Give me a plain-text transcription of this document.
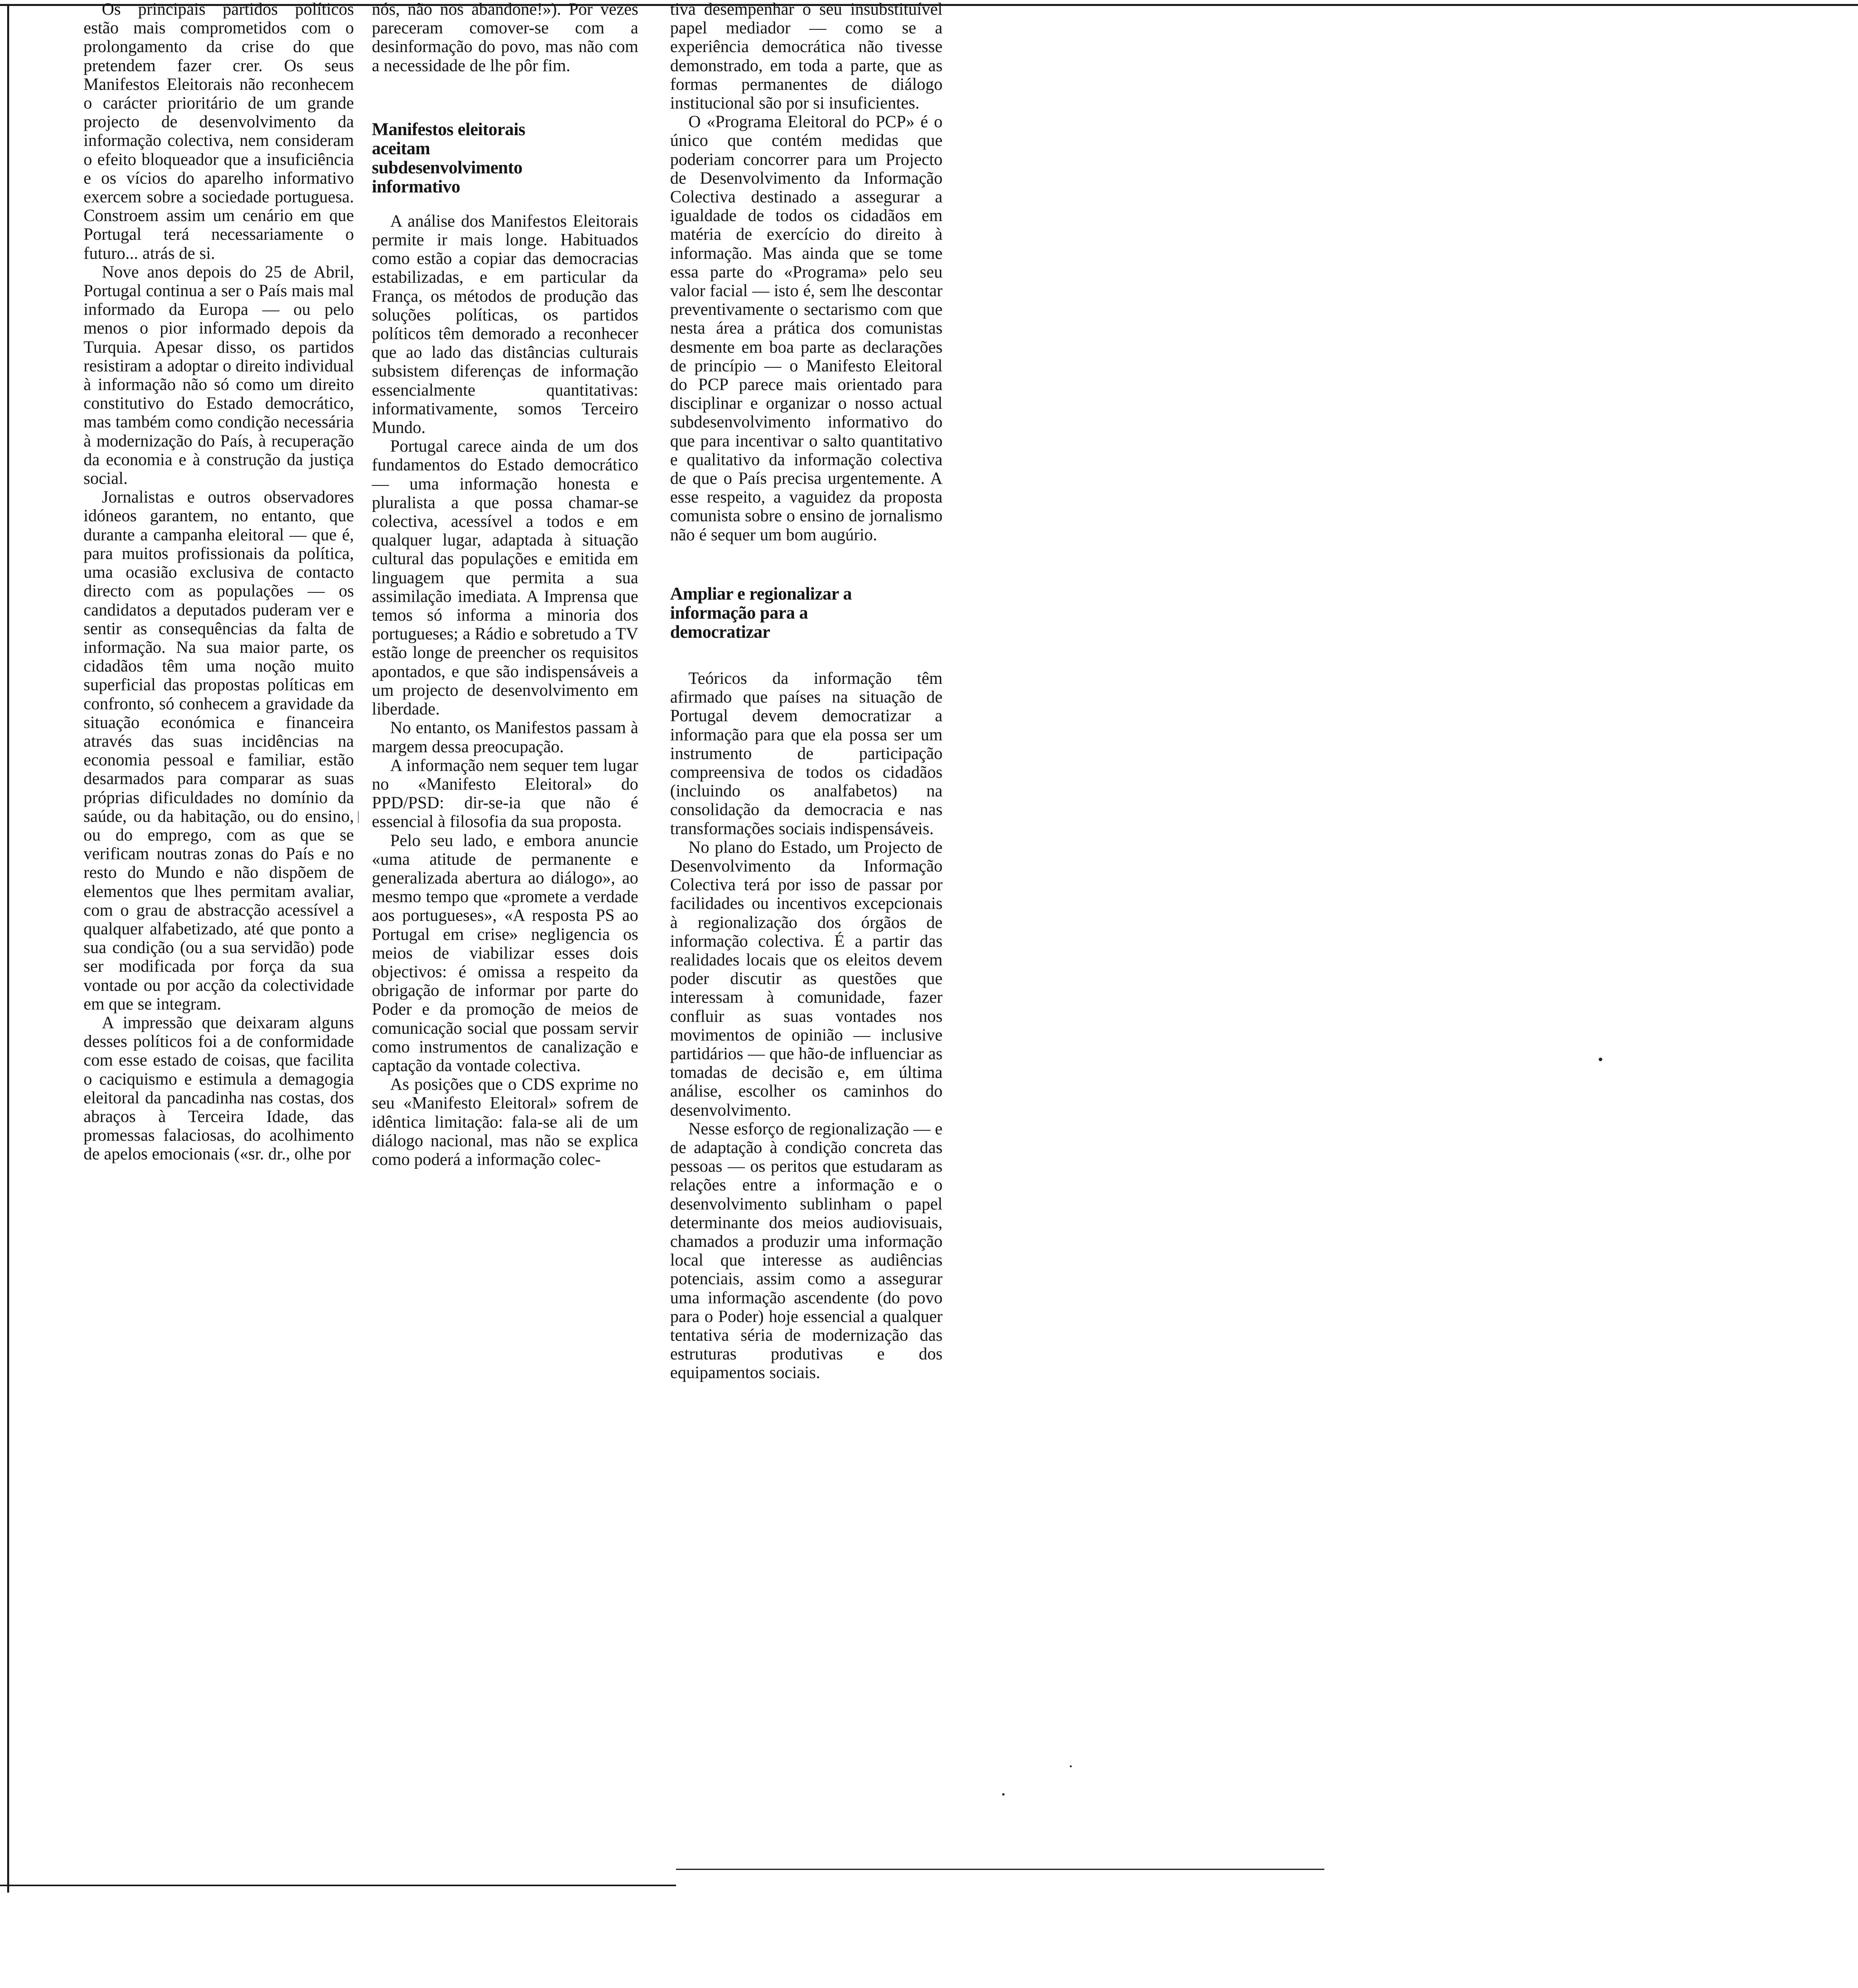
Os principais partidos políticos estão mais comprometidos com o prolongamento da crise do que pretendem fazer crer. Os seus Manifestos Eleitorais não reconhecem o carácter prioritário de um grande projecto de desenvolvimento da informação colectiva, nem consideram o efeito bloqueador que a insuficiência e os vícios do aparelho informativo exercem sobre a sociedade portuguesa. Constroem assim um cenário em que Portugal terá necessariamente o futuro... atrás de si.

Nove anos depois do 25 de Abril, Portugal continua a ser o País mais mal informado da Europa — ou pelo menos o pior informado depois da Turquia. Apesar disso, os partidos resistiram a adoptar o direito individual à informação não só como um direito constitutivo do Estado democrático, mas também como condição necessária à modernização do País, à recuperação da economia e à construção da justiça social.

Jornalistas e outros observadores idóneos garantem, no entanto, que durante a campanha eleitoral — que é, para muitos profissionais da política, uma ocasião exclusiva de contacto directo com as populações — os candidatos a deputados puderam ver e sentir as consequências da falta de informação. Na sua maior parte, os cidadãos têm uma noção muito superficial das propostas políticas em confronto, só conhecem a gravidade da situação económica e financeira através das suas incidências na economia pessoal e familiar, estão desarmados para comparar as suas próprias dificuldades no domínio da saúde, ou da habitação, ou do ensino, ou do emprego, com as que se verificam noutras zonas do País e no resto do Mundo e não dispõem de elementos que lhes permitam avaliar, com o grau de abstracção acessível a qualquer alfabetizado, até que ponto a sua condição (ou a sua servidão) pode ser modificada por força da sua vontade ou por acção da colectividade em que se integram.

A impressão que deixaram alguns desses políticos foi a de conformidade com esse estado de coisas, que facilita o caciquismo e estimula a demagogia eleitoral da pancadinha nas costas, dos abraços à Terceira Idade, das promessas falaciosas, do acolhimento de apelos emocionais («sr. dr., olhe por

nós, não nos abandone!»). Por vezes pareceram comover-se com a desinformação do povo, mas não com a necessidade de lhe pôr fim.

Manifestos eleitorais aceitam subdesenvolvimento informativo

A análise dos Manifestos Eleitorais permite ir mais longe. Habituados como estão a copiar das democracias estabilizadas, e em particular da França, os métodos de produção das soluções políticas, os partidos políticos têm demorado a reconhecer que ao lado das distâncias culturais subsistem diferenças de informação essencialmente quantitativas: informativamente, somos Terceiro Mundo.

Portugal carece ainda de um dos fundamentos do Estado democrático — uma informação honesta e pluralista a que possa chamar-se colectiva, acessível a todos e em qualquer lugar, adaptada à situação cultural das populações e emitida em linguagem que permita a sua assimilação imediata. A Imprensa que temos só informa a minoria dos portugueses; a Rádio e sobretudo a TV estão longe de preencher os requisitos apontados, e que são indispensáveis a um projecto de desenvolvimento em liberdade.

No entanto, os Manifestos passam à margem dessa preocupação.

A informação nem sequer tem lugar no «Manifesto Eleitoral» do PPD/PSD: dir-se-ia que não é essencial à filosofia da sua proposta.

Pelo seu lado, e embora anuncie «uma atitude de permanente e generalizada abertura ao diálogo», ao mesmo tempo que «promete a verdade aos portugueses», «A resposta PS ao Portugal em crise» negligencia os meios de viabilizar esses dois objectivos: é omissa a respeito da obrigação de informar por parte do Poder e da promoção de meios de comunicação social que possam servir como instrumentos de canalização e captação da vontade colectiva.

As posições que o CDS exprime no seu «Manifesto Eleitoral» sofrem de idêntica limitação: fala-se ali de um diálogo nacional, mas não se explica como poderá a informação colec-

tiva desempenhar o seu insubstituível papel mediador — como se a experiência democrática não tivesse demonstrado, em toda a parte, que as formas permanentes de diálogo institucional são por si insuficientes.

O «Programa Eleitoral do PCP» é o único que contém medidas que poderiam concorrer para um Projecto de Desenvolvimento da Informação Colectiva destinado a assegurar a igualdade de todos os cidadãos em matéria de exercício do direito à informação. Mas ainda que se tome essa parte do «Programa» pelo seu valor facial — isto é, sem lhe descontar preventivamente o sectarismo com que nesta área a prática dos comunistas desmente em boa parte as declarações de princípio — o Manifesto Eleitoral do PCP parece mais orientado para disciplinar e organizar o nosso actual subdesenvolvimento informativo do que para incentivar o salto quantitativo e qualitativo da informação colectiva de que o País precisa urgentemente. A esse respeito, a vaguidez da proposta comunista sobre o ensino de jornalismo não é sequer um bom augúrio.

Ampliar e regionalizar a informação para a democratizar

Teóricos da informação têm afirmado que países na situação de Portugal devem democratizar a informação para que ela possa ser um instrumento de participação compreensiva de todos os cidadãos (incluindo os analfabetos) na consolidação da democracia e nas transformações sociais indispensáveis.

No plano do Estado, um Projecto de Desenvolvimento da Informação Colectiva terá por isso de passar por facilidades ou incentivos excepcionais à regionalização dos órgãos de informação colectiva. É a partir das realidades locais que os eleitos devem poder discutir as questões que interessam à comunidade, fazer confluir as suas vontades nos movimentos de opinião — inclusive partidários — que hão-de influenciar as tomadas de decisão e, em última análise, escolher os caminhos do desenvolvimento.

Nesse esforço de regionalização — e de adaptação à condição concreta das pessoas — os peritos que estudaram as relações entre a informação e o desenvolvimento sublinham o papel determinante dos meios audiovisuais, chamados a produzir uma informação local que interesse as audiências potenciais, assim como a assegurar uma informação ascendente (do povo para o Poder) hoje essencial a qualquer tentativa séria de modernização das estruturas produtivas e dos equipamentos sociais.
